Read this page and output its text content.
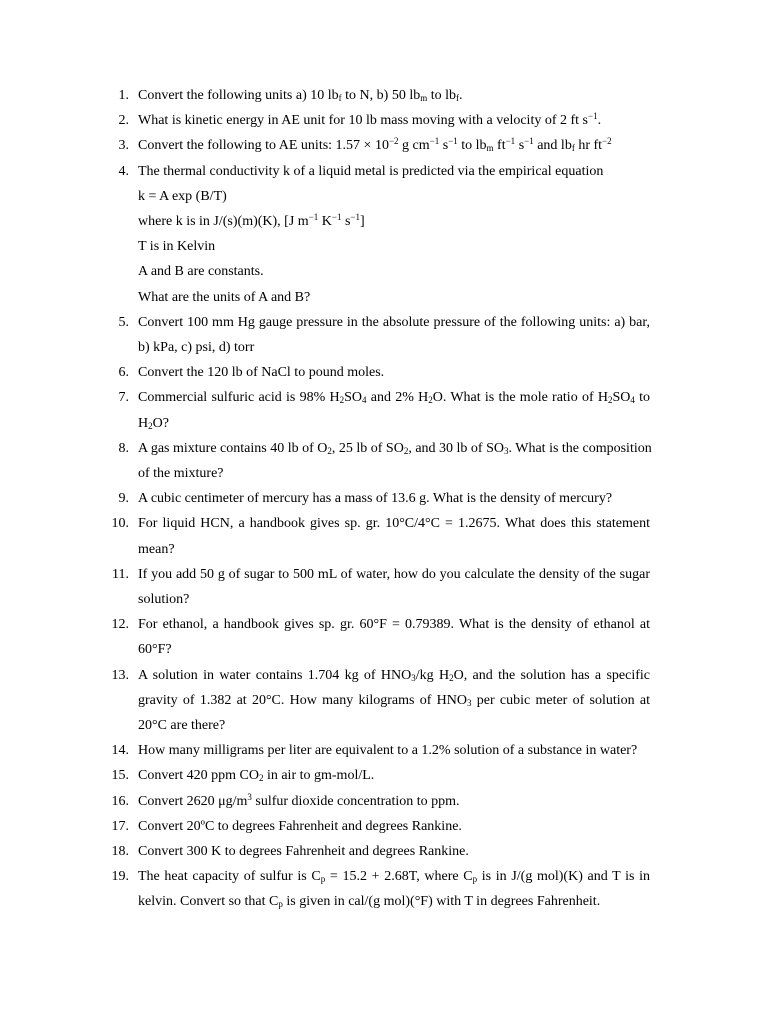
1. Convert the following units a) 10 $lb_f$ to N, b) 50 $lb_m$ to $lb_f$.
2. What is kinetic energy in AE unit for 10 lb mass moving with a velocity of 2 ft $s^{-1}$.
3. Convert the following to AE units: $1.57 \times 10^{-2}$ g $cm^{-1}$ $s^{-1}$ to $lb_m$ $ft^{-1}$ $s^{-1}$ and $lb_f$ hr $ft^{-2}$
4. The thermal conductivity k of a liquid metal is predicted via the empirical equation
k = A exp (B/T)
where k is in J/(s)(m)(K), [J $m^{-1}$ $K^{-1}$ $s^{-1}$]
T is in Kelvin
A and B are constants.
What are the units of A and B?
5. Convert 100 mm Hg gauge pressure in the absolute pressure of the following units: a) bar,
b) kPa, c) psi, d) torr
6. Convert the 120 lb of NaCl to pound moles.
7. Commercial sulfuric acid is 98% $H_2SO_4$ and 2% $H_2O$. What is the mole ratio of $H_2SO_4$ to
$H_2O$?
8. A gas mixture contains 40 lb of $O_2$, 25 lb of $SO_2$, and 30 lb of $SO_3$. What is the composition
of the mixture?
9. A cubic centimeter of mercury has a mass of 13.6 g. What is the density of mercury?
10. For liquid HCN, a handbook gives sp. gr. 10°C/4°C = 1.2675. What does this statement
mean?
11. If you add 50 g of sugar to 500 mL of water, how do you calculate the density of the sugar
solution?
12. For ethanol, a handbook gives sp. gr. 60°F = 0.79389. What is the density of ethanol at
60°F?
13. A solution in water contains 1.704 kg of $HNO_3/kg$ $H_2O$, and the solution has a specific
gravity of 1.382 at 20°C. How many kilograms of $HNO_3$ per cubic meter of solution at
20°C are there?
14. How many milligrams per liter are equivalent to a 1.2% solution of a substance in water?
15. Convert 420 ppm $CO_2$ in air to gm-mol/L.
16. Convert 2620 $\mu g/m^3$ sulfur dioxide concentration to ppm.
17. Convert 20ºC to degrees Fahrenheit and degrees Rankine.
18. Convert 300 K to degrees Fahrenheit and degrees Rankine.
19. The heat capacity of sulfur is $C_p = 15.2 + 2.68T$, where $C_p$ is in J/(g mol)(K) and T is in
kelvin. Convert so that $C_p$ is given in cal/(g mol)(°F) with T in degrees Fahrenheit.
